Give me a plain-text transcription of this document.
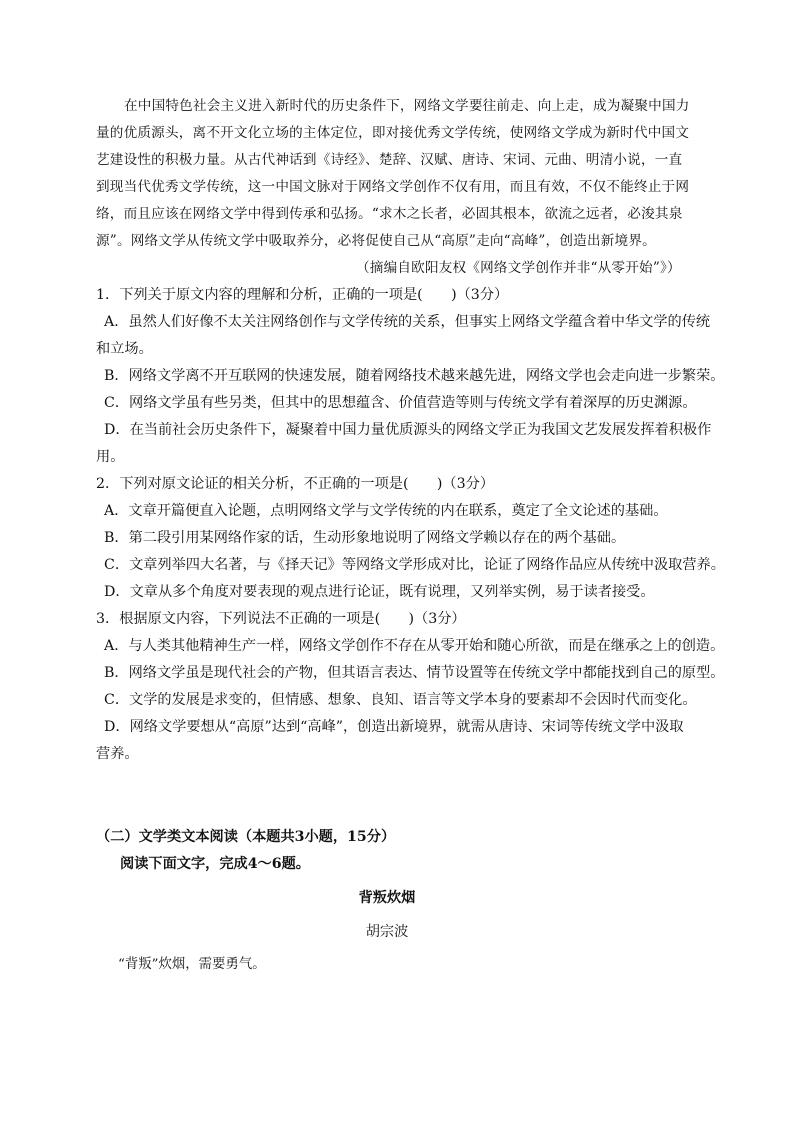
在中国特色社会主义进入新时代的历史条件下，网络文学要往前走、向上走，成为凝聚中国力
量的优质源头，离不开文化立场的主体定位，即对接优秀文学传统，使网络文学成为新时代中国文
艺建设性的积极力量。从古代神话到《诗经》、楚辞、汉赋、唐诗、宋词、元曲、明清小说，一直
到现当代优秀文学传统，这一中国文脉对于网络文学创作不仅有用，而且有效，不仅不能终止于网
络，而且应该在网络文学中得到传承和弘扬。“求木之长者，必固其根本，欲流之远者，必浚其泉
源”。网络文学从传统文学中吸取养分，必将促使自己从“高原”走向“高峰”，创造出新境界。
（摘编自欧阳友权《网络文学创作并非“从零开始”》）
1．下列关于原文内容的理解和分析，正确的一项是(　　)（3分）
A．虽然人们好像不太关注网络创作与文学传统的关系，但事实上网络文学蕴含着中华文学的传统
和立场。
B．网络文学离不开互联网的快速发展，随着网络技术越来越先进，网络文学也会走向进一步繁荣。
C．网络文学虽有些另类，但其中的思想蕴含、价值营造等则与传统文学有着深厚的历史渊源。
D．在当前社会历史条件下，凝聚着中国力量优质源头的网络文学正为我国文艺发展发挥着积极作
用。
2．下列对原文论证的相关分析，不正确的一项是(　　)（3分）
A．文章开篇便直入论题，点明网络文学与文学传统的内在联系，奠定了全文论述的基础。
B．第二段引用某网络作家的话，生动形象地说明了网络文学赖以存在的两个基础。
C．文章列举四大名著，与《择天记》等网络文学形成对比，论证了网络作品应从传统中汲取营养。
D．文章从多个角度对要表现的观点进行论证，既有说理，又列举实例，易于读者接受。
3．根据原文内容，下列说法不正确的一项是(　　)（3分）
A．与人类其他精神生产一样，网络文学创作不存在从零开始和随心所欲，而是在继承之上的创造。
B．网络文学虽是现代社会的产物，但其语言表达、情节设置等在传统文学中都能找到自己的原型。
C．文学的发展是求变的，但情感、想象、良知、语言等文学本身的要素却不会因时代而变化。
D．网络文学要想从“高原”达到“高峰”，创造出新境界，就需从唐诗、宋词等传统文学中汲取
营养。
（二）文学类文本阅读（本题共3小题，15分）
阅读下面文字，完成4～6题。
背叛炊烟
胡宗波
“背叛”炊烟，需要勇气。
